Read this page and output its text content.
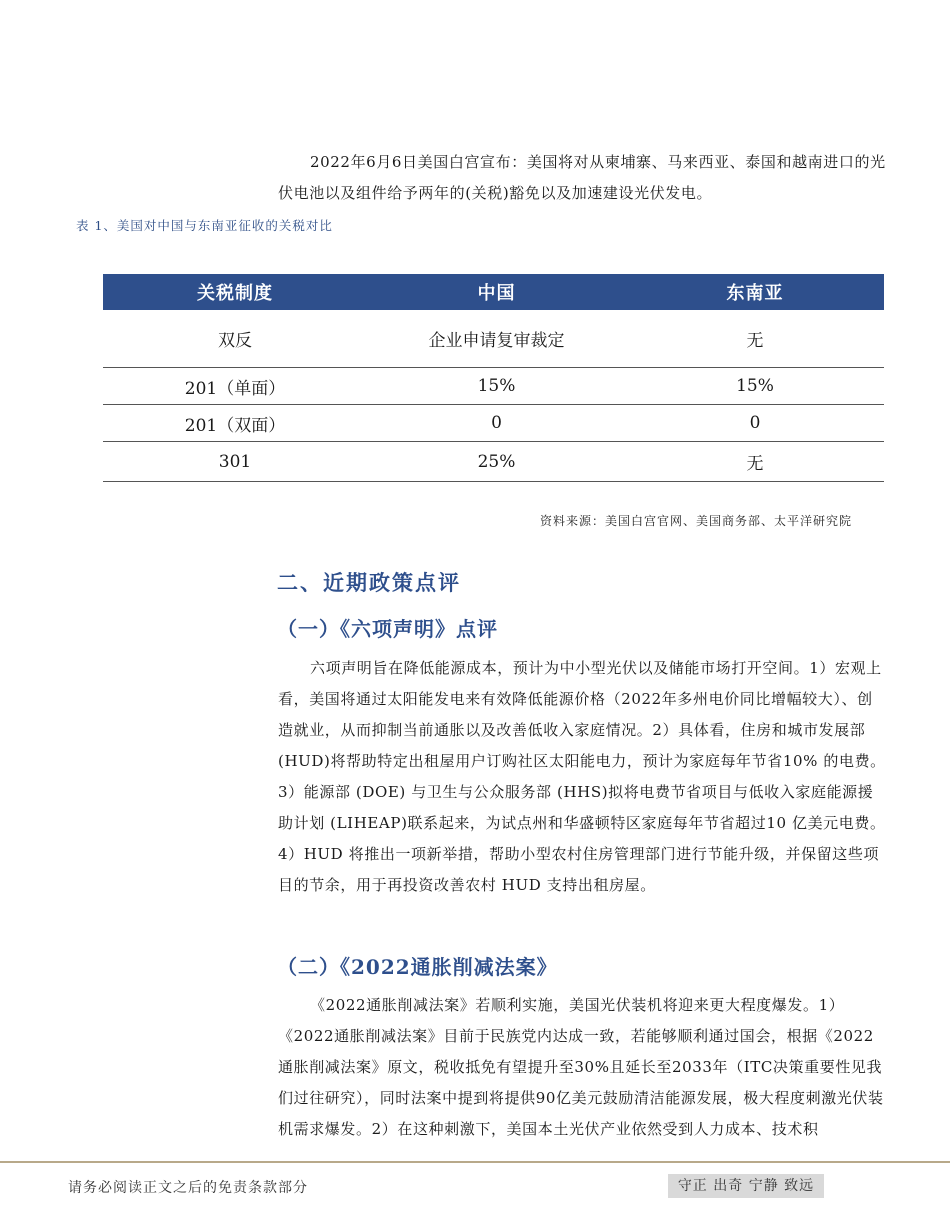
2022年6月6日美国白宫宣布：美国将对从柬埔寨、马来西亚、泰国和越南进口的光伏电池以及组件给予两年的(关税)豁免以及加速建设光伏发电。

表 1、美国对中国与东南亚征收的关税对比
关税制度	中国	东南亚
双反	企业申请复审裁定	无
201（单面）	15%	15%
201（双面）	0	0
301	25%	无
资料来源：美国白宫官网、美国商务部、太平洋研究院
二、近期政策点评
（一）《六项声明》点评

六项声明旨在降低能源成本，预计为中小型光伏以及储能市场打开空间。1）宏观上看，美国将通过太阳能发电来有效降低能源价格（2022年多州电价同比增幅较大）、创造就业，从而抑制当前通胀以及改善低收入家庭情况。2）具体看，住房和城市发展部 (HUD)将帮助特定出租屋用户订购社区太阳能电力，预计为家庭每年节省10% 的电费。3）能源部 (DOE) 与卫生与公众服务部 (HHS)拟将电费节省项目与低收入家庭能源援助计划 (LIHEAP)联系起来，为试点州和华盛顿特区家庭每年节省超过10 亿美元电费。4）HUD 将推出一项新举措，帮助小型农村住房管理部门进行节能升级，并保留这些项目的节余，用于再投资改善农村 HUD 支持出租房屋。

（二）《2022通胀削减法案》

《2022通胀削减法案》若顺利实施，美国光伏装机将迎来更大程度爆发。1）《2022通胀削减法案》目前于民族党内达成一致，若能够顺利通过国会，根据《2022通胀削减法案》原文，税收抵免有望提升至30%且延长至2033年（ITC决策重要性见我们过往研究），同时法案中提到将提供90亿美元鼓励清洁能源发展，极大程度刺激光伏装机需求爆发。2）在这种刺激下，美国本土光伏产业依然受到人力成本、技术积

请务必阅读正文之后的免责条款部分	守正 出奇 宁静 致远
